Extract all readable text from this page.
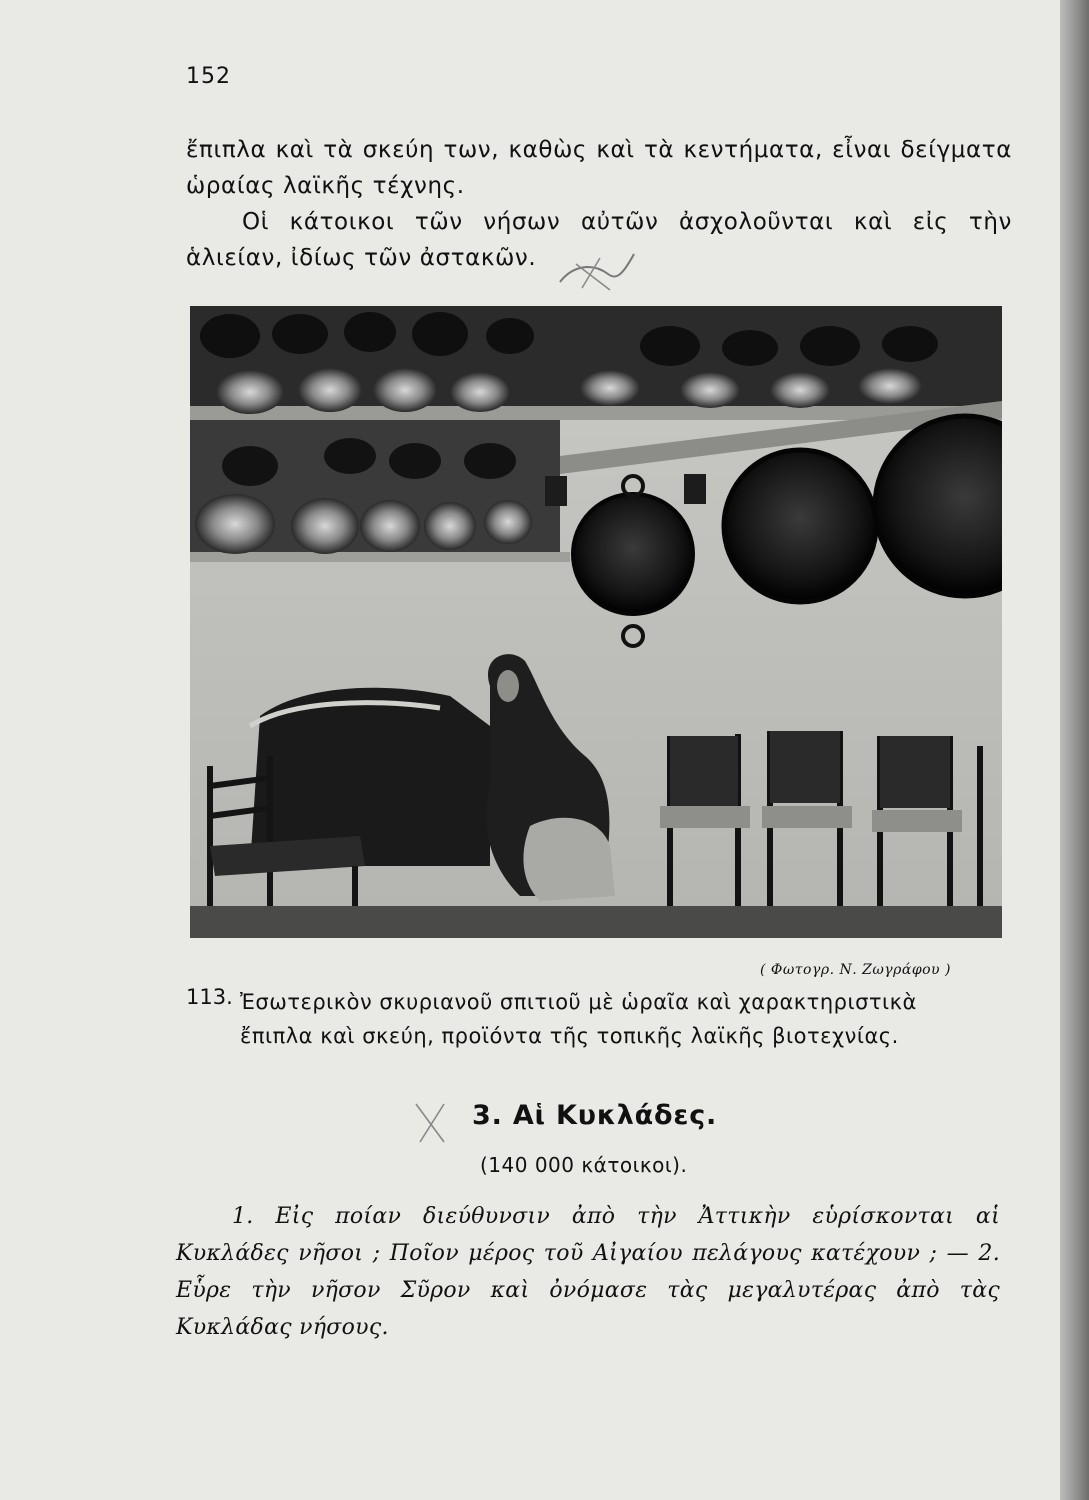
152

ἔπιπλα καὶ τὰ σκεύη των, καθὼς καὶ τὰ κεντήματα, εἶναι δείγματα ὡραίας λαϊκῆς τέχνης.

Οἱ κάτοικοι τῶν νήσων αὐτῶν ἀσχολοῦνται καὶ εἰς τὴν ἁλιείαν, ἰδίως τῶν ἀστακῶν.

( Φωτογρ. Ν. Ζωγράφου )
113. Ἐσωτερικὸν σκυριανοῦ σπιτιοῦ μὲ ὡραῖα καὶ χαρακτηριστικὰ ἔπιπλα καὶ σκεύη, προϊόντα τῆς τοπικῆς λαϊκῆς βιοτεχνίας.

3. Αἱ Κυκλάδες.
(140 000 κάτοικοι).

1. Εἰς ποίαν διεύθυνσιν ἀπὸ τὴν Ἀττικὴν εὑρίσκονται αἱ Κυκλάδες νῆσοι ; Ποῖον μέρος τοῦ Αἰγαίου πελάγους κατέχουν ; — 2. Εὗρε τὴν νῆσον Σῦρον καὶ ὀνόμασε τὰς μεγαλυτέρας ἀπὸ τὰς Κυκλάδας νήσους.
